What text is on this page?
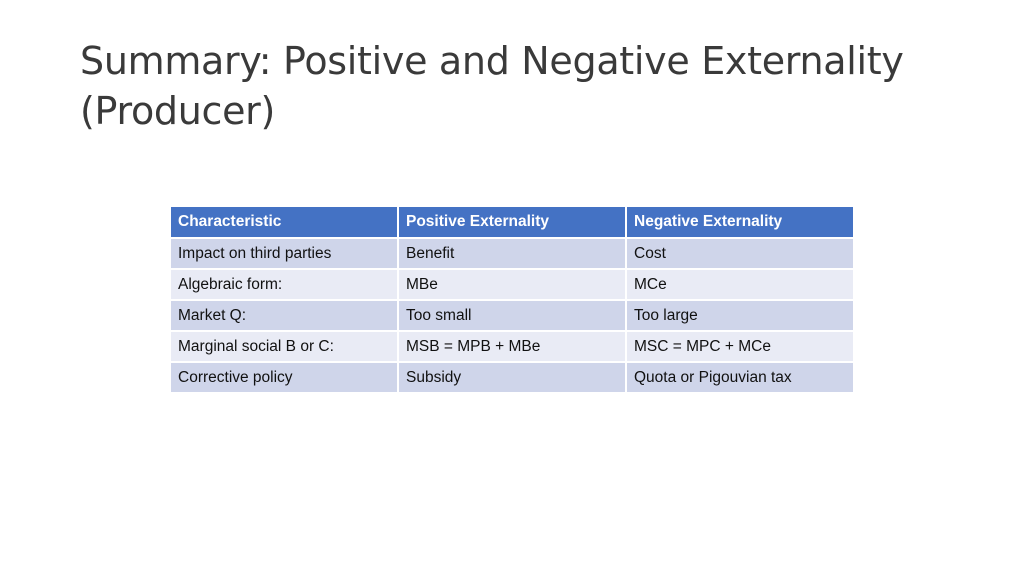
Summary: Positive and Negative Externality
(Producer)
Characteristic	Positive Externality	Negative Externality
Impact on third parties	Benefit	Cost
Algebraic form:	MBe	MCe
Market Q:	Too small	Too large
Marginal social B or C:	MSB = MPB + MBe	MSC = MPC + MCe
Corrective policy	Subsidy	Quota or Pigouvian tax
